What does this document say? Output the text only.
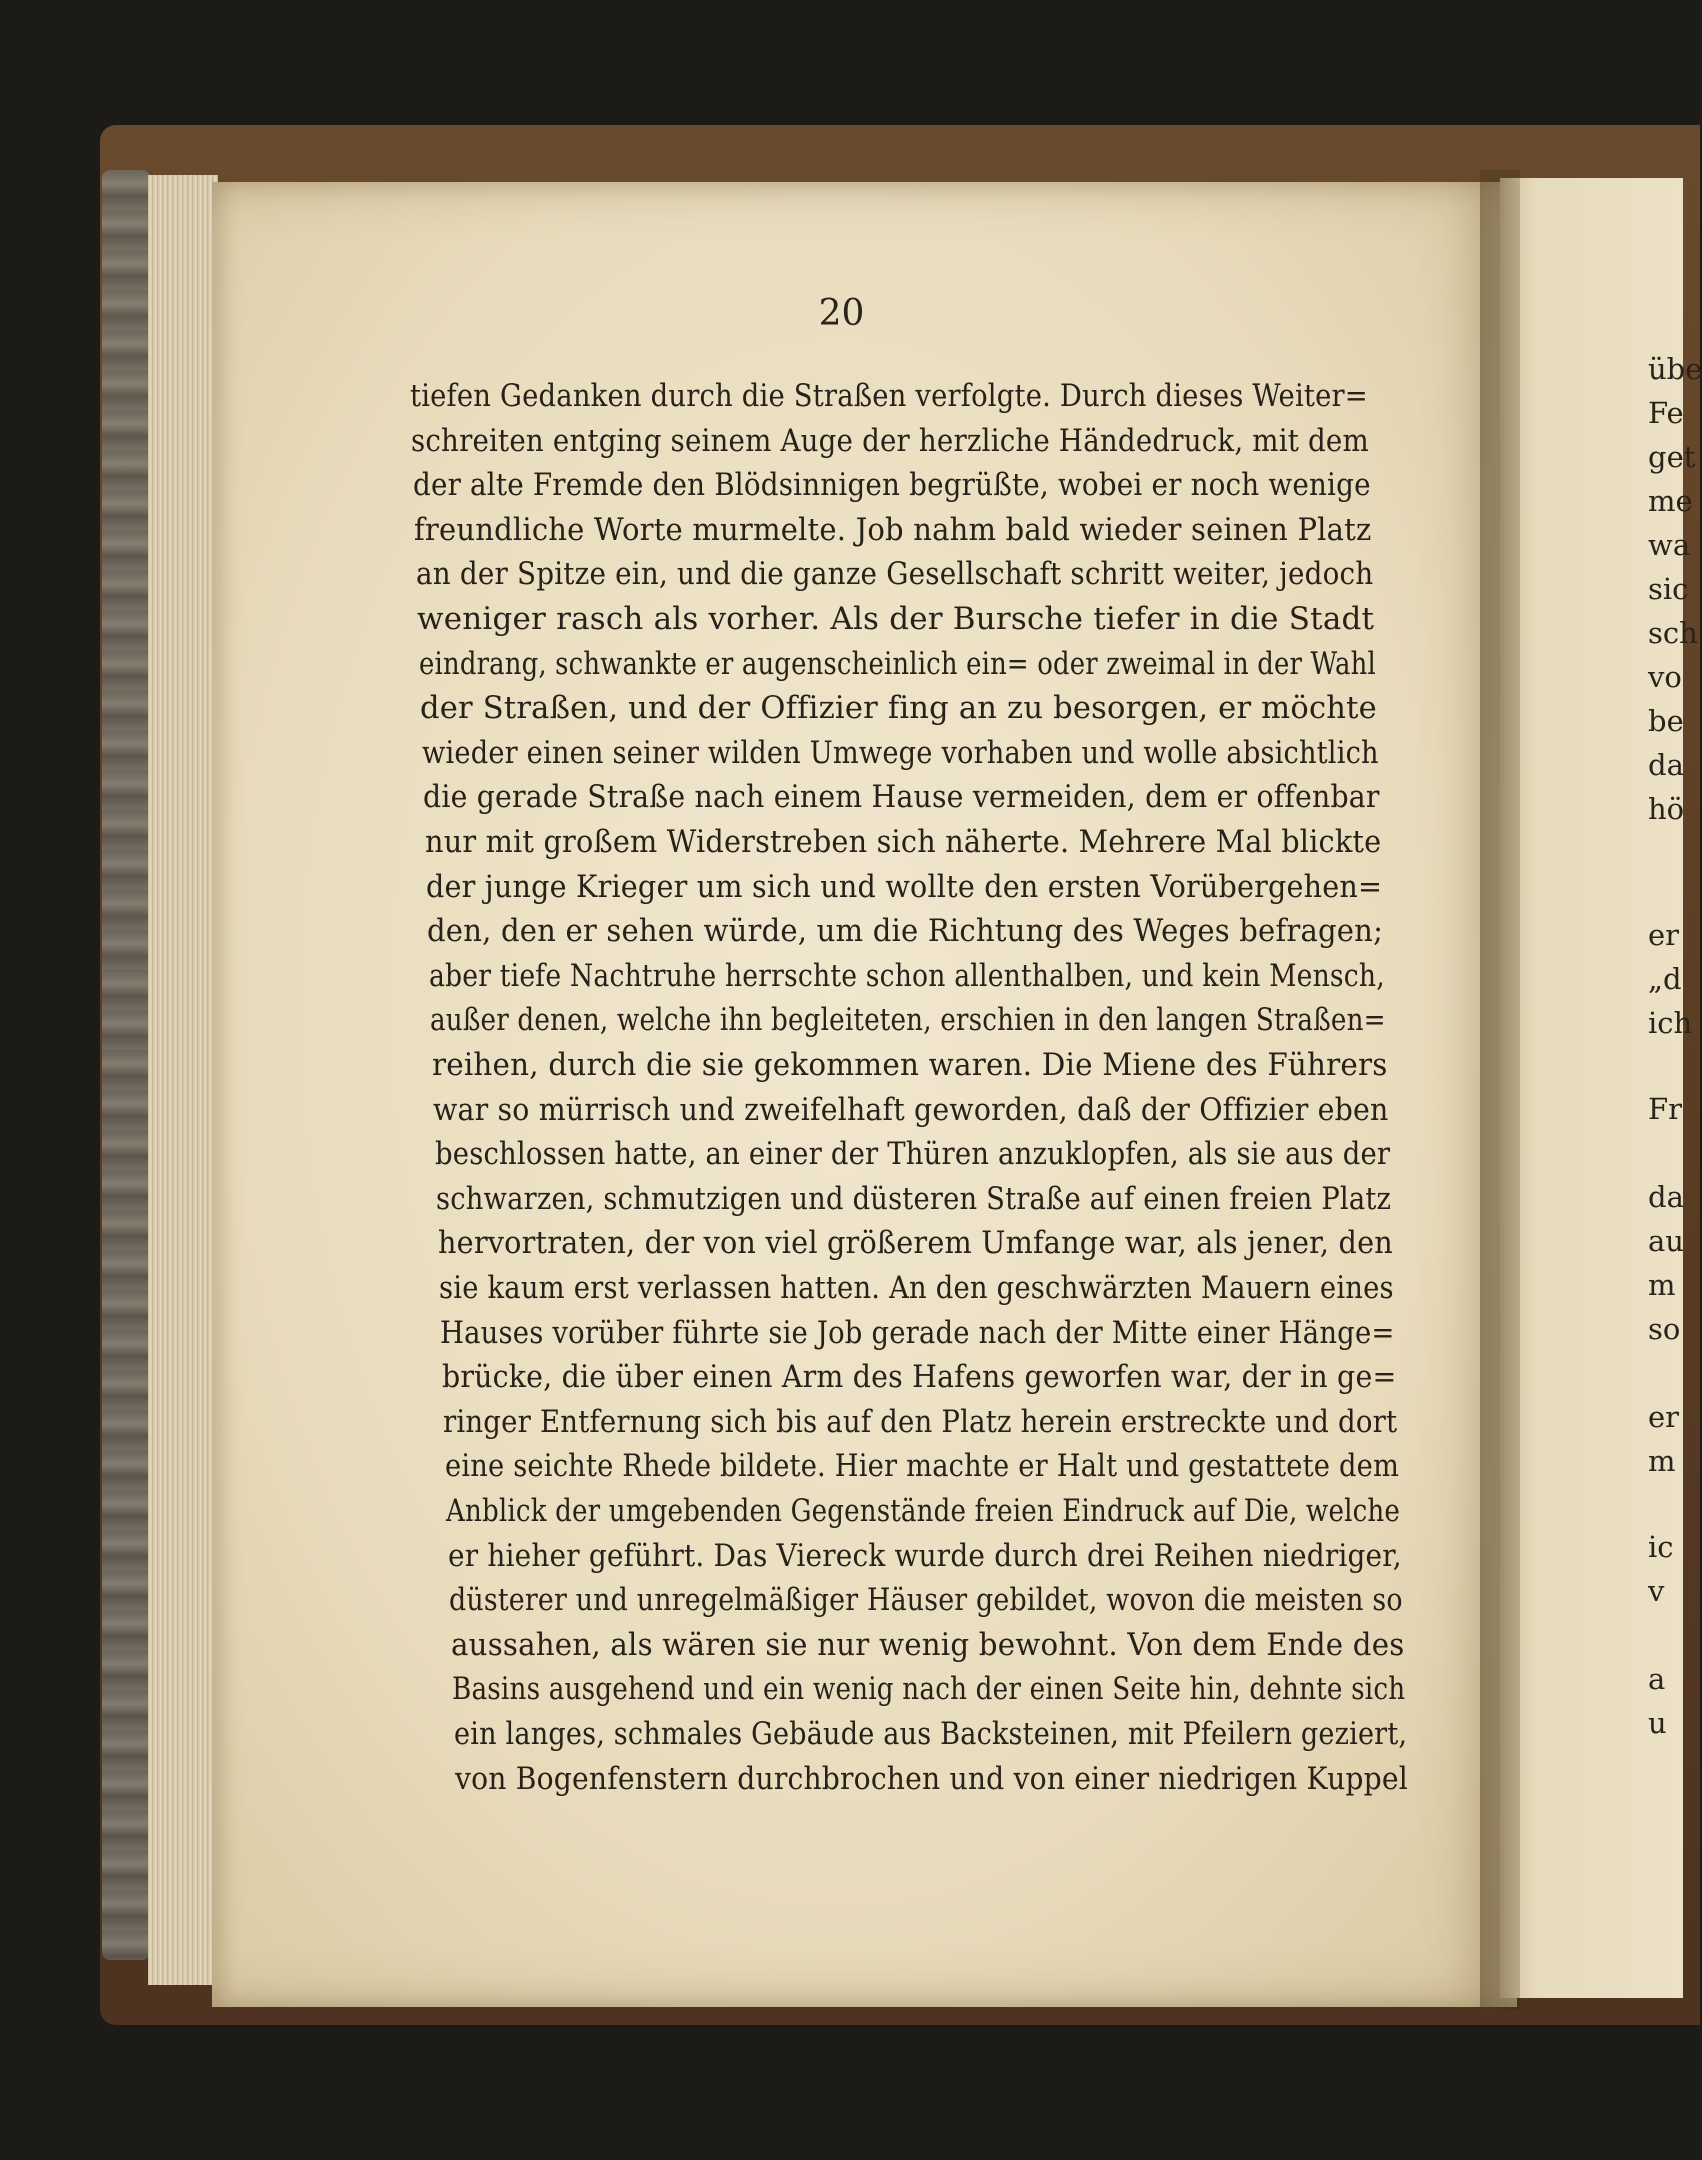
20
tiefen Gedanken durch die Straßen verfolgte. Durch dieses Weiter=
schreiten entging seinem Auge der herzliche Händedruck, mit dem
der alte Fremde den Blödsinnigen begrüßte, wobei er noch wenige
freundliche Worte murmelte. Job nahm bald wieder seinen Platz
an der Spitze ein, und die ganze Gesellschaft schritt weiter, jedoch
weniger rasch als vorher. Als der Bursche tiefer in die Stadt
eindrang, schwankte er augenscheinlich ein= oder zweimal in der Wahl
der Straßen, und der Offizier fing an zu besorgen, er möchte
wieder einen seiner wilden Umwege vorhaben und wolle absichtlich
die gerade Straße nach einem Hause vermeiden, dem er offenbar
nur mit großem Widerstreben sich näherte. Mehrere Mal blickte
der junge Krieger um sich und wollte den ersten Vorübergehen=
den, den er sehen würde, um die Richtung des Weges befragen;
aber tiefe Nachtruhe herrschte schon allenthalben, und kein Mensch,
außer denen, welche ihn begleiteten, erschien in den langen Straßen=
reihen, durch die sie gekommen waren. Die Miene des Führers
war so mürrisch und zweifelhaft geworden, daß der Offizier eben
beschlossen hatte, an einer der Thüren anzuklopfen, als sie aus der
schwarzen, schmutzigen und düsteren Straße auf einen freien Platz
hervortraten, der von viel größerem Umfange war, als jener, den
sie kaum erst verlassen hatten. An den geschwärzten Mauern eines
Hauses vorüber führte sie Job gerade nach der Mitte einer Hänge=
brücke, die über einen Arm des Hafens geworfen war, der in ge=
ringer Entfernung sich bis auf den Platz herein erstreckte und dort
eine seichte Rhede bildete. Hier machte er Halt und gestattete dem
Anblick der umgebenden Gegenstände freien Eindruck auf Die, welche
er hieher geführt. Das Viereck wurde durch drei Reihen niedriger,
düsterer und unregelmäßiger Häuser gebildet, wovon die meisten so
aussahen, als wären sie nur wenig bewohnt. Von dem Ende des
Basins ausgehend und ein wenig nach der einen Seite hin, dehnte sich
ein langes, schmales Gebäude aus Backsteinen, mit Pfeilern geziert,
von Bogenfenstern durchbrochen und von einer niedrigen Kuppel
übe
Fe
get
me
wa
sic
sch
vo
be
da
hö
er
„d
ich
Fr
da
au
m
so
er
m
ic
v
a
u
